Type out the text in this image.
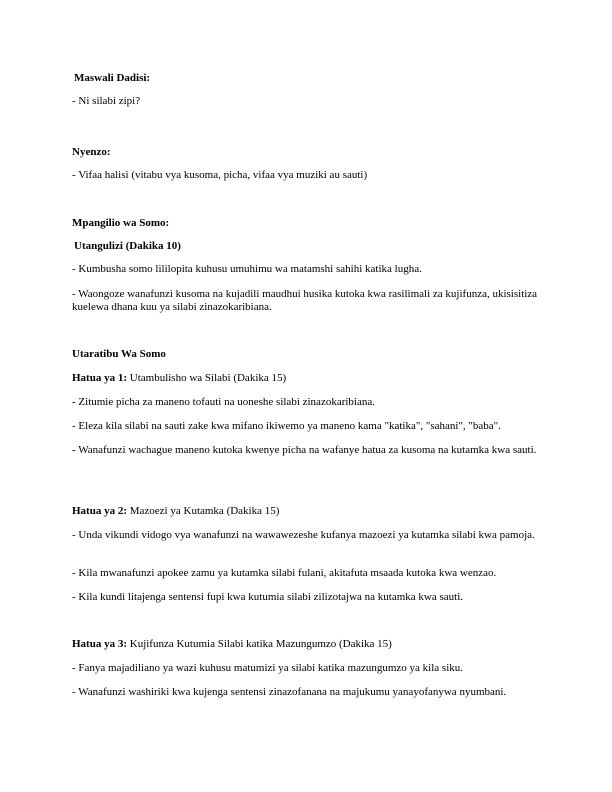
Maswali Dadisi:

- Ni silabi zipi?

Nyenzo:

- Vifaa halisi (vitabu vya kusoma, picha, vifaa vya muziki au sauti)

Mpangilio wa Somo:

Utangulizi (Dakika 10)

- Kumbusha somo lililopita kuhusu umuhimu wa matamshi sahihi katika lugha.

- Waongoze wanafunzi kusoma na kujadili maudhui husika kutoka kwa rasilimali za kujifunza, ukisisitiza kuelewa dhana kuu ya silabi zinazokaribiana.

Utaratibu Wa Somo

Hatua ya 1: Utambulisho wa Silabi (Dakika 15)

- Zitumie picha za maneno tofauti na uoneshe silabi zinazokaribiana.

- Eleza kila silabi na sauti zake kwa mifano ikiwemo ya maneno kama "katika", "sahani", "baba".

- Wanafunzi wachague maneno kutoka kwenye picha na wafanye hatua za kusoma na kutamka kwa sauti.

Hatua ya 2: Mazoezi ya Kutamka (Dakika 15)

- Unda vikundi vidogo vya wanafunzi na wawawezeshe kufanya mazoezi ya kutamka silabi kwa pamoja.

- Kila mwanafunzi apokee zamu ya kutamka silabi fulani, akitafuta msaada kutoka kwa wenzao.

- Kila kundi litajenga sentensi fupi kwa kutumia silabi zilizotajwa na kutamka kwa sauti.

Hatua ya 3: Kujifunza Kutumia Silabi katika Mazungumzo (Dakika 15)

- Fanya majadiliano ya wazi kuhusu matumizi ya silabi katika mazungumzo ya kila siku.

- Wanafunzi washiriki kwa kujenga sentensi zinazofanana na majukumu yanayofanywa nyumbani.
